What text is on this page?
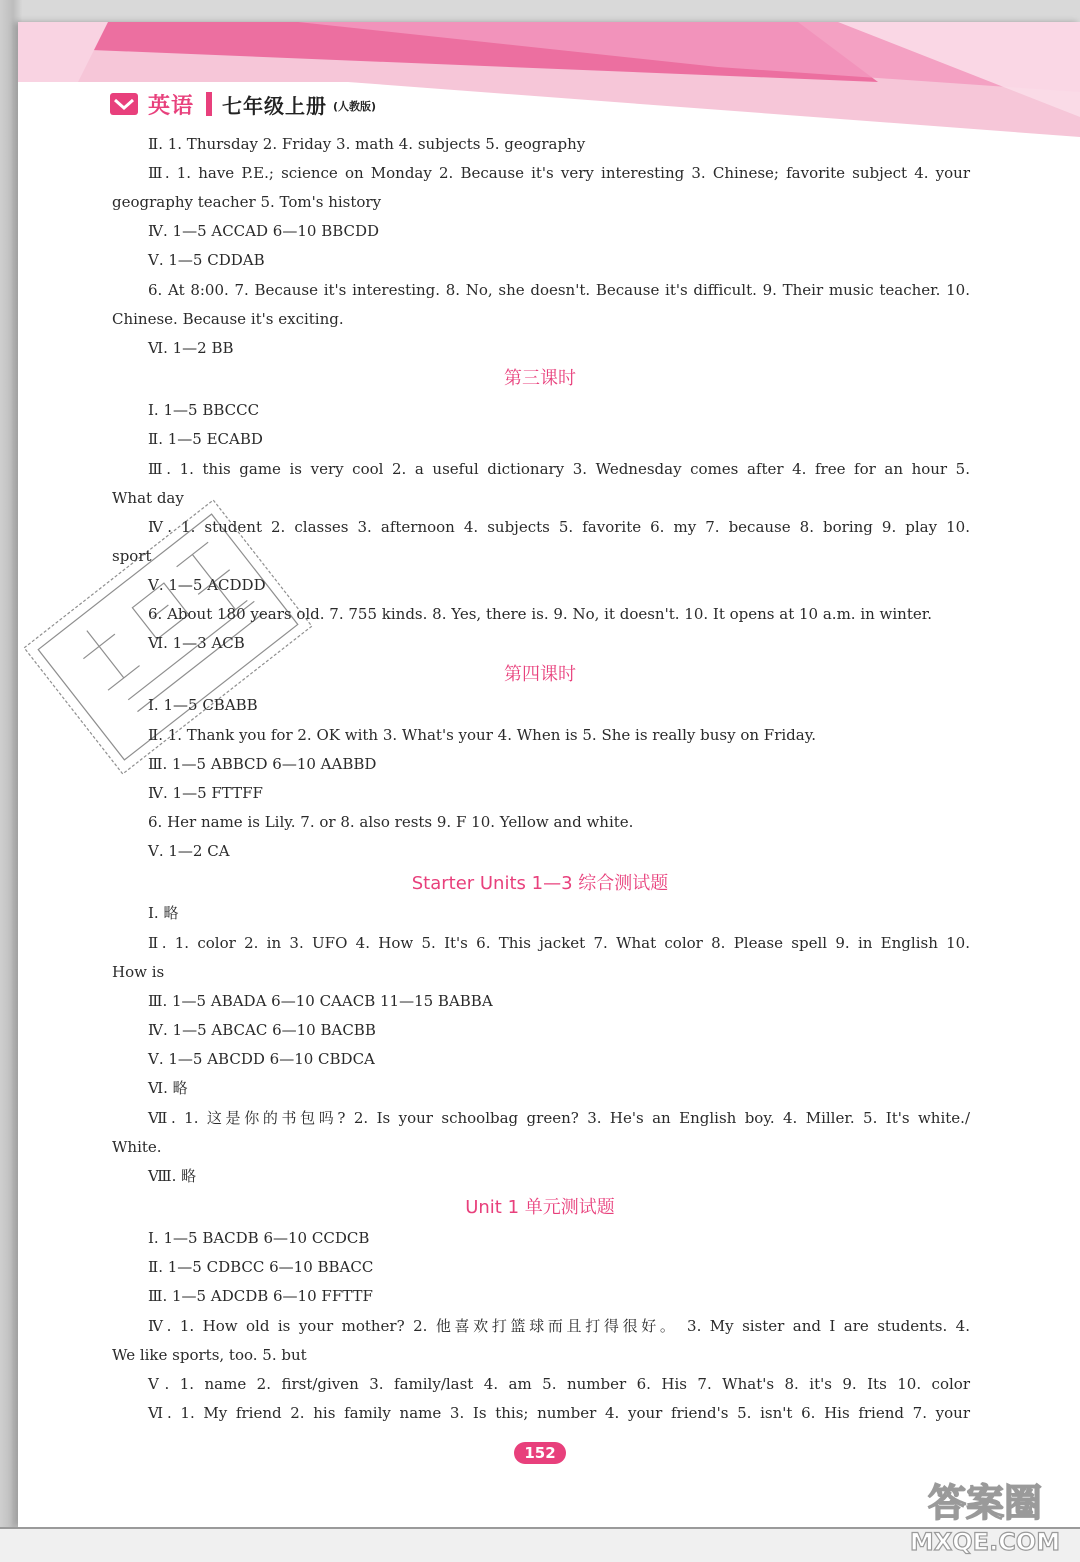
英语 七年级上册 (人教版)
Ⅱ. 1. Thursday 2. Friday 3. math 4. subjects 5. geography
Ⅲ. 1. have P.E.; science on Monday 2. Because it's very interesting 3. Chinese; favorite subject 4. your
geography teacher 5. Tom's history
Ⅳ. 1—5 ACCAD 6—10 BBCDD
Ⅴ. 1—5 CDDAB
6. At 8:00. 7. Because it's interesting. 8. No, she doesn't. Because it's difficult. 9. Their music teacher. 10.
Chinese. Because it's exciting.
Ⅵ. 1—2 BB
第三课时
Ⅰ. 1—5 BBCCC
Ⅱ. 1—5 ECABD
Ⅲ. 1. this game is very cool 2. a useful dictionary 3. Wednesday comes after 4. free for an hour 5.
What day
Ⅳ. 1. student 2. classes 3. afternoon 4. subjects 5. favorite 6. my 7. because 8. boring 9. play 10.
sport
Ⅴ. 1—5 ACDDD
6. About 180 years old. 7. 755 kinds. 8. Yes, there is. 9. No, it doesn't. 10. It opens at 10 a.m. in winter.
Ⅵ. 1—3 ACB
第四课时
Ⅰ. 1—5 CBABB
Ⅱ. 1. Thank you for 2. OK with 3. What's your 4. When is 5. She is really busy on Friday.
Ⅲ. 1—5 ABBCD 6—10 AABBD
Ⅳ. 1—5 FTTFF
6. Her name is Lily. 7. or 8. also rests 9. F 10. Yellow and white.
Ⅴ. 1—2 CA
Starter Units 1—3 综合测试题
Ⅰ. 略
Ⅱ. 1. color 2. in 3. UFO 4. How 5. It's 6. This jacket 7. What color 8. Please spell 9. in English 10.
How is
Ⅲ. 1—5 ABADA 6—10 CAACB 11—15 BABBA
Ⅳ. 1—5 ABCAC 6—10 BACBB
Ⅴ. 1—5 ABCDD 6—10 CBDCA
Ⅵ. 略
Ⅶ. 1. 这是你的书包吗? 2. Is your schoolbag green? 3. He's an English boy. 4. Miller. 5. It's white./
White.
Ⅷ. 略
Unit 1 单元测试题
Ⅰ. 1—5 BACDB 6—10 CCDCB
Ⅱ. 1—5 CDBCC 6—10 BBACC
Ⅲ. 1—5 ADCDB 6—10 FFTTF
Ⅳ. 1. How old is your mother? 2. 他喜欢打篮球而且打得很好。 3. My sister and I are students. 4.
We like sports, too. 5. but
Ⅴ. 1. name 2. first/given 3. family/last 4. am 5. number 6. His 7. What's 8. it's 9. Its 10. color
Ⅵ. 1. My friend 2. his family name 3. Is this; number 4. your friend's 5. isn't 6. His friend 7. your
152
答案圈
MXQE.COM
